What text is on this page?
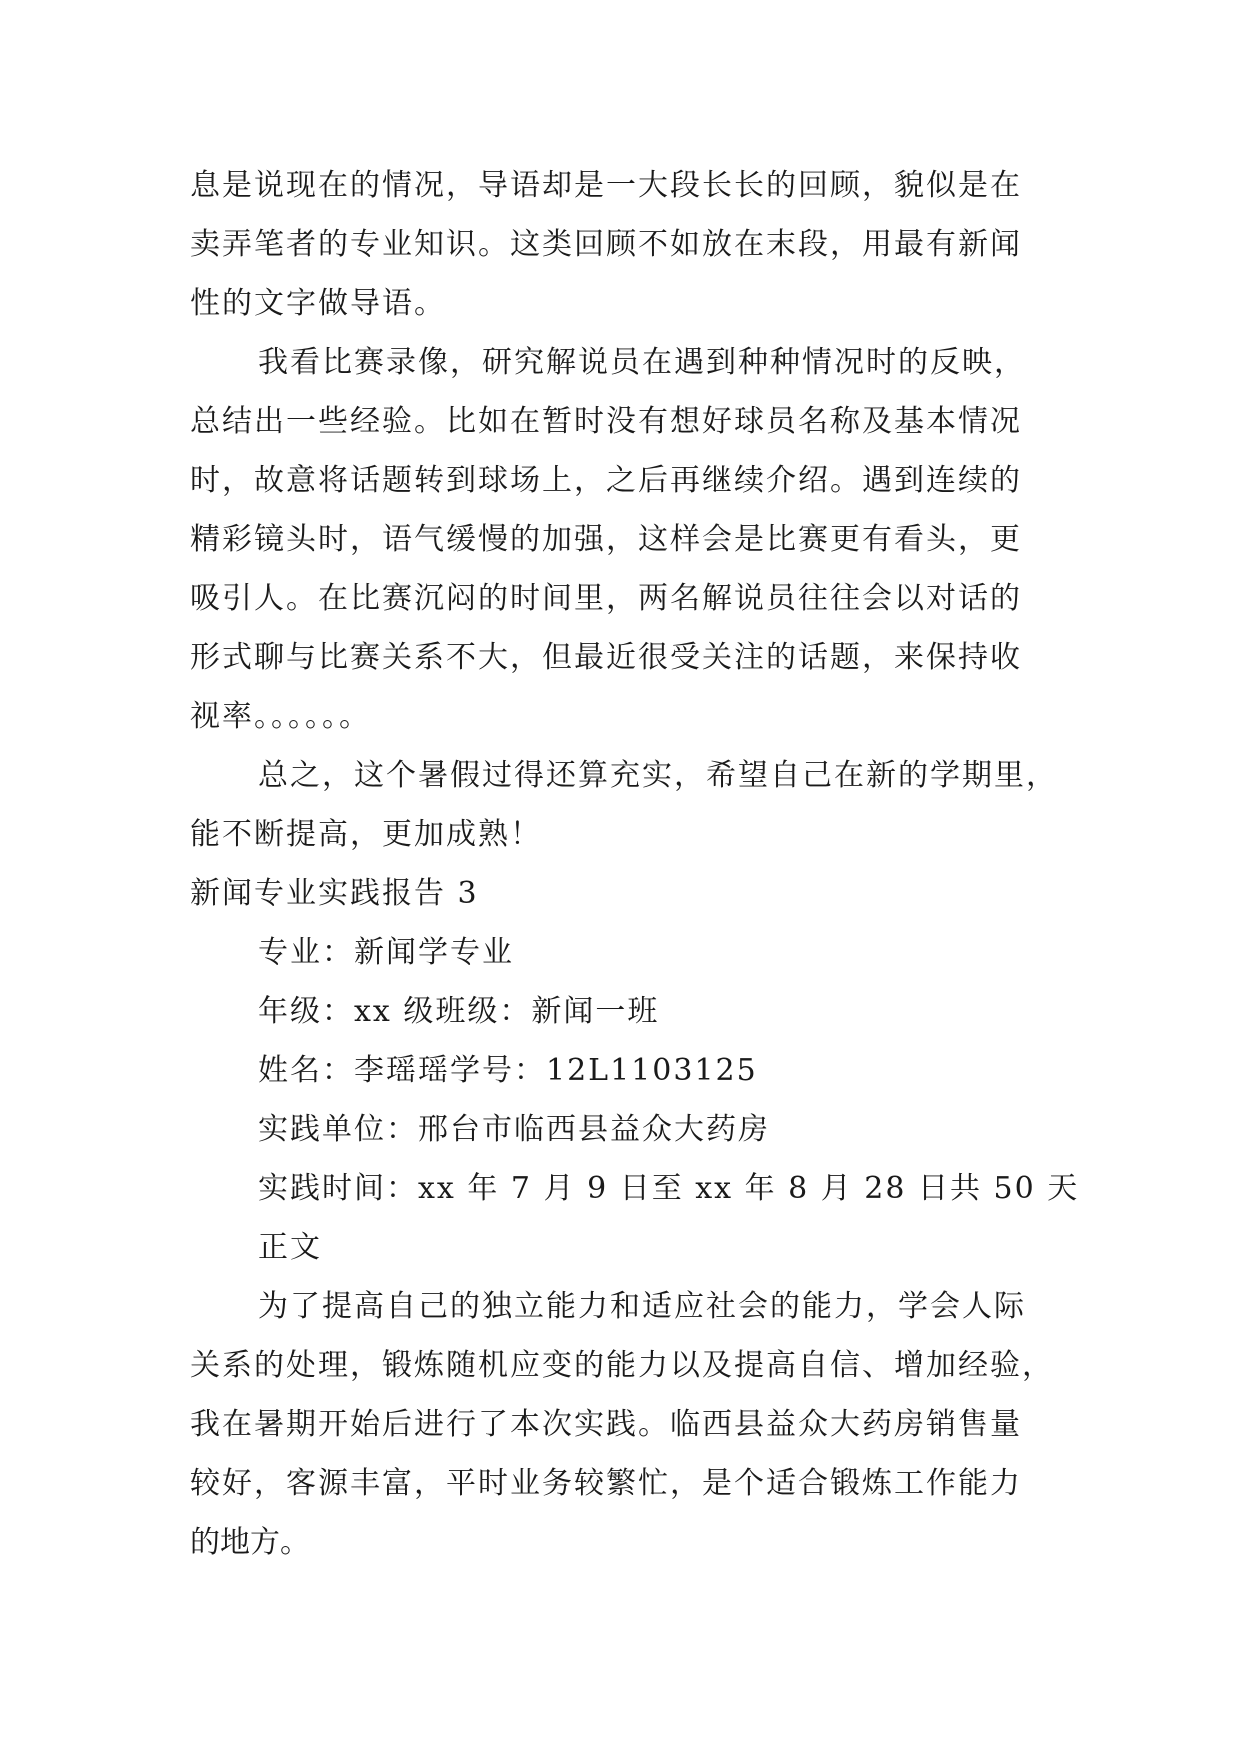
息是说现在的情况，导语却是一大段长长的回顾，貌似是在
卖弄笔者的专业知识。这类回顾不如放在末段，用最有新闻
性的文字做导语。
我看比赛录像，研究解说员在遇到种种情况时的反映，
总结出一些经验。比如在暂时没有想好球员名称及基本情况
时，故意将话题转到球场上，之后再继续介绍。遇到连续的
精彩镜头时，语气缓慢的加强，这样会是比赛更有看头，更
吸引人。在比赛沉闷的时间里，两名解说员往往会以对话的
形式聊与比赛关系不大，但最近很受关注的话题，来保持收
视率。。。。。。
总之，这个暑假过得还算充实，希望自己在新的学期里，
能不断提高，更加成熟！
新闻专业实践报告 3
专业：新闻学专业
年级：xx 级班级：新闻一班
姓名：李瑶瑶学号：12L1103125
实践单位：邢台市临西县益众大药房
实践时间：xx 年 7 月 9 日至 xx 年 8 月 28 日共 50 天
正文
为了提高自己的独立能力和适应社会的能力，学会人际
关系的处理，锻炼随机应变的能力以及提高自信、增加经验，
我在暑期开始后进行了本次实践。临西县益众大药房销售量
较好，客源丰富，平时业务较繁忙，是个适合锻炼工作能力
的地方。
